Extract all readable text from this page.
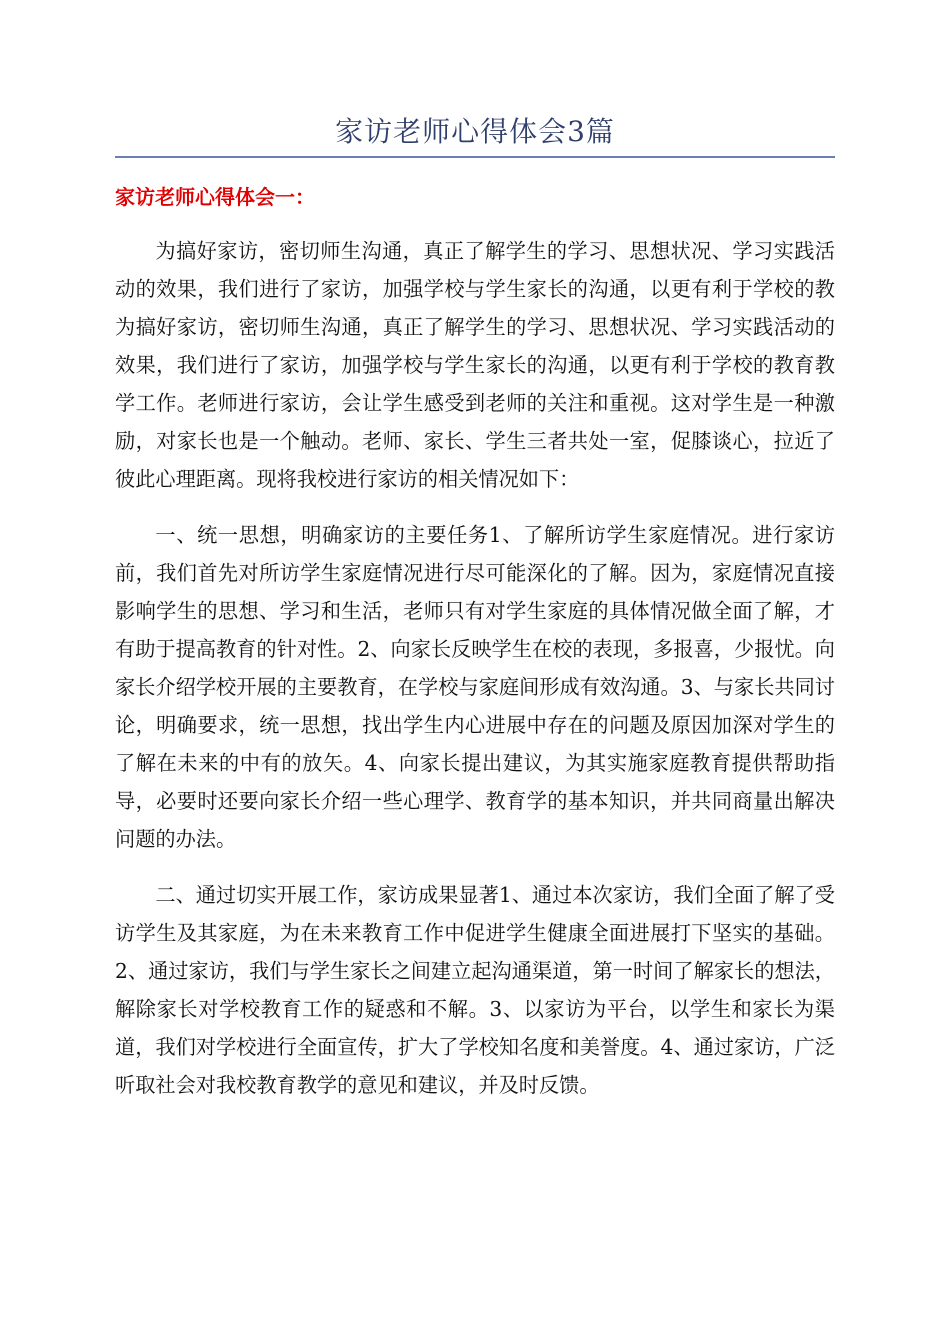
家访老师心得体会3篇
家访老师心得体会一：

为搞好家访，密切师生沟通，真正了解学生的学习、思想状况、学习实践活动的效果，我们进行了家访，加强学校与学生家长的沟通，以更有利于学校的教为搞好家访，密切师生沟通，真正了解学生的学习、思想状况、学习实践活动的效果，我们进行了家访，加强学校与学生家长的沟通，以更有利于学校的教育教学工作。老师进行家访，会让学生感受到老师的关注和重视。这对学生是一种激励，对家长也是一个触动。老师、家长、学生三者共处一室，促膝谈心，拉近了彼此心理距离。现将我校进行家访的相关情况如下：

一、统一思想，明确家访的主要任务1、了解所访学生家庭情况。进行家访前，我们首先对所访学生家庭情况进行尽可能深化的了解。因为，家庭情况直接影响学生的思想、学习和生活，老师只有对学生家庭的具体情况做全面了解，才有助于提高教育的针对性。2、向家长反映学生在校的表现，多报喜，少报忧。向家长介绍学校开展的主要教育，在学校与家庭间形成有效沟通。3、与家长共同讨论，明确要求，统一思想，找出学生内心进展中存在的问题及原因加深对学生的了解在未来的中有的放矢。4、向家长提出建议，为其实施家庭教育提供帮助指导，必要时还要向家长介绍一些心理学、教育学的基本知识，并共同商量出解决问题的办法。

二、通过切实开展工作，家访成果显著1、通过本次家访，我们全面了解了受访学生及其家庭，为在未来教育工作中促进学生健康全面进展打下坚实的基础。2、通过家访，我们与学生家长之间建立起沟通渠道，第一时间了解家长的想法，解除家长对学校教育工作的疑惑和不解。3、以家访为平台，以学生和家长为渠道，我们对学校进行全面宣传，扩大了学校知名度和美誉度。4、通过家访，广泛听取社会对我校教育教学的意见和建议，并及时反馈。
